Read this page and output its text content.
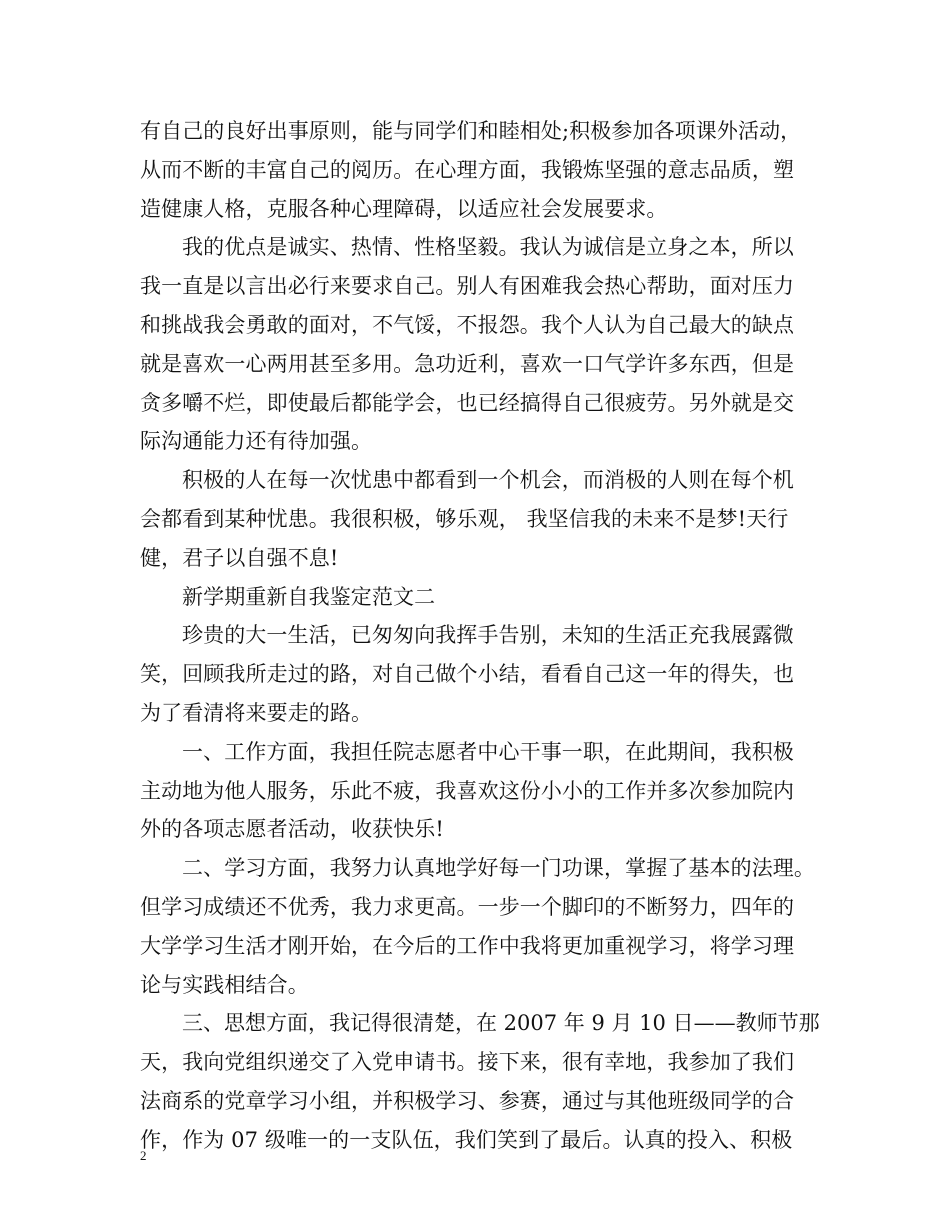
有自己的良好出事原则，能与同学们和睦相处;积极参加各项课外活动，
从而不断的丰富自己的阅历。在心理方面，我锻炼坚强的意志品质，塑
造健康人格，克服各种心理障碍，以适应社会发展要求。
我的优点是诚实、热情、性格坚毅。我认为诚信是立身之本，所以
我一直是以言出必行来要求自己。别人有困难我会热心帮助，面对压力
和挑战我会勇敢的面对，不气馁，不报怨。我个人认为自己最大的缺点
就是喜欢一心两用甚至多用。急功近利，喜欢一口气学许多东西，但是
贪多嚼不烂，即使最后都能学会，也已经搞得自己很疲劳。另外就是交
际沟通能力还有待加强。
积极的人在每一次忧患中都看到一个机会，而消极的人则在每个机
会都看到某种忧患。我很积极，够乐观， 我坚信我的未来不是梦!天行
健，君子以自强不息!
新学期重新自我鉴定范文二
珍贵的大一生活，已匆匆向我挥手告别，未知的生活正充我展露微
笑，回顾我所走过的路，对自己做个小结，看看自己这一年的得失，也
为了看清将来要走的路。
一、工作方面，我担任院志愿者中心干事一职，在此期间，我积极
主动地为他人服务，乐此不疲，我喜欢这份小小的工作并多次参加院内
外的各项志愿者活动，收获快乐!
二、学习方面，我努力认真地学好每一门功课，掌握了基本的法理。
但学习成绩还不优秀，我力求更高。一步一个脚印的不断努力，四年的
大学学习生活才刚开始，在今后的工作中我将更加重视学习，将学习理
论与实践相结合。
三、思想方面，我记得很清楚，在 2007 年 9 月 10 日——教师节那
天，我向党组织递交了入党申请书。接下来，很有幸地，我参加了我们
法商系的党章学习小组，并积极学习、参赛，通过与其他班级同学的合
作，作为 07 级唯一的一支队伍，我们笑到了最后。认真的投入、积极
2
